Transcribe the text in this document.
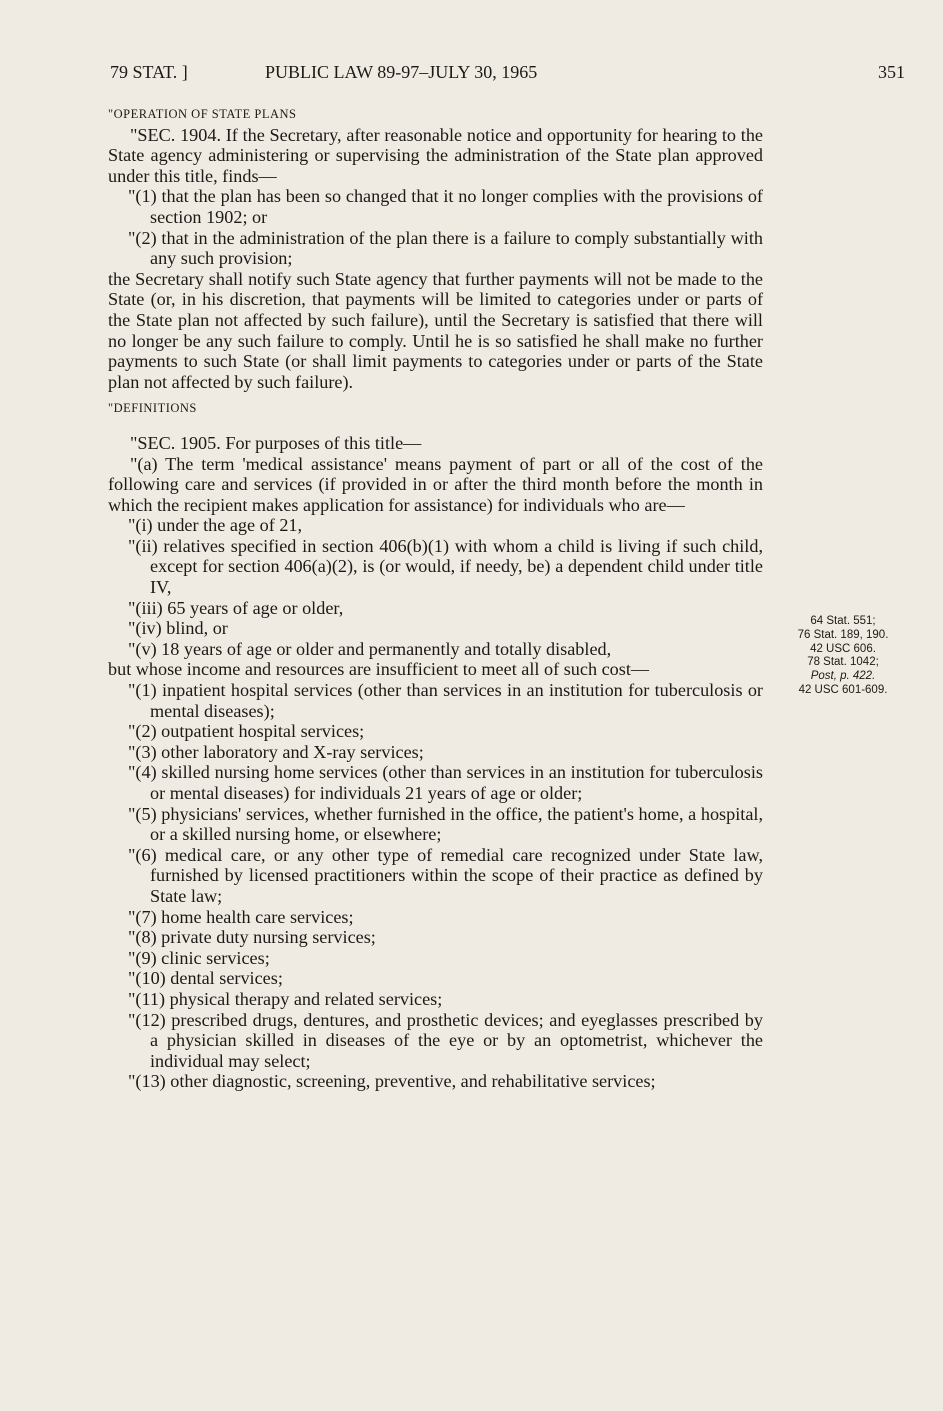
79 STAT. ]	PUBLIC LAW 89-97–JULY 30, 1965	351

"OPERATION OF STATE PLANS

"SEC. 1904. If the Secretary, after reasonable notice and opportunity for hearing to the State agency administering or supervising the administration of the State plan approved under this title, finds—

"(1) that the plan has been so changed that it no longer complies with the provisions of section 1902; or

"(2) that in the administration of the plan there is a failure to comply substantially with any such provision;

the Secretary shall notify such State agency that further payments will not be made to the State (or, in his discretion, that payments will be limited to categories under or parts of the State plan not affected by such failure), until the Secretary is satisfied that there will no longer be any such failure to comply. Until he is so satisfied he shall make no further payments to such State (or shall limit payments to categories under or parts of the State plan not affected by such failure).

"DEFINITIONS

"SEC. 1905. For purposes of this title—

"(a) The term 'medical assistance' means payment of part or all of the cost of the following care and services (if provided in or after the third month before the month in which the recipient makes application for assistance) for individuals who are—

"(i) under the age of 21,

"(ii) relatives specified in section 406(b)(1) with whom a child is living if such child, except for section 406(a)(2), is (or would, if needy, be) a dependent child under title IV,

"(iii) 65 years of age or older,

"(iv) blind, or

"(v) 18 years of age or older and permanently and totally disabled,

but whose income and resources are insufficient to meet all of such cost—

"(1) inpatient hospital services (other than services in an institution for tuberculosis or mental diseases);

"(2) outpatient hospital services;

"(3) other laboratory and X-ray services;

"(4) skilled nursing home services (other than services in an institution for tuberculosis or mental diseases) for individuals 21 years of age or older;

"(5) physicians' services, whether furnished in the office, the patient's home, a hospital, or a skilled nursing home, or elsewhere;

"(6) medical care, or any other type of remedial care recognized under State law, furnished by licensed practitioners within the scope of their practice as defined by State law;

"(7) home health care services;

"(8) private duty nursing services;

"(9) clinic services;

"(10) dental services;

"(11) physical therapy and related services;

"(12) prescribed drugs, dentures, and prosthetic devices; and eyeglasses prescribed by a physician skilled in diseases of the eye or by an optometrist, whichever the individual may select;

"(13) other diagnostic, screening, preventive, and rehabilitative services;

64 Stat. 551;
76 Stat. 189, 190.
42 USC 606.
78 Stat. 1042;
Post, p. 422.
42 USC 601-609.
